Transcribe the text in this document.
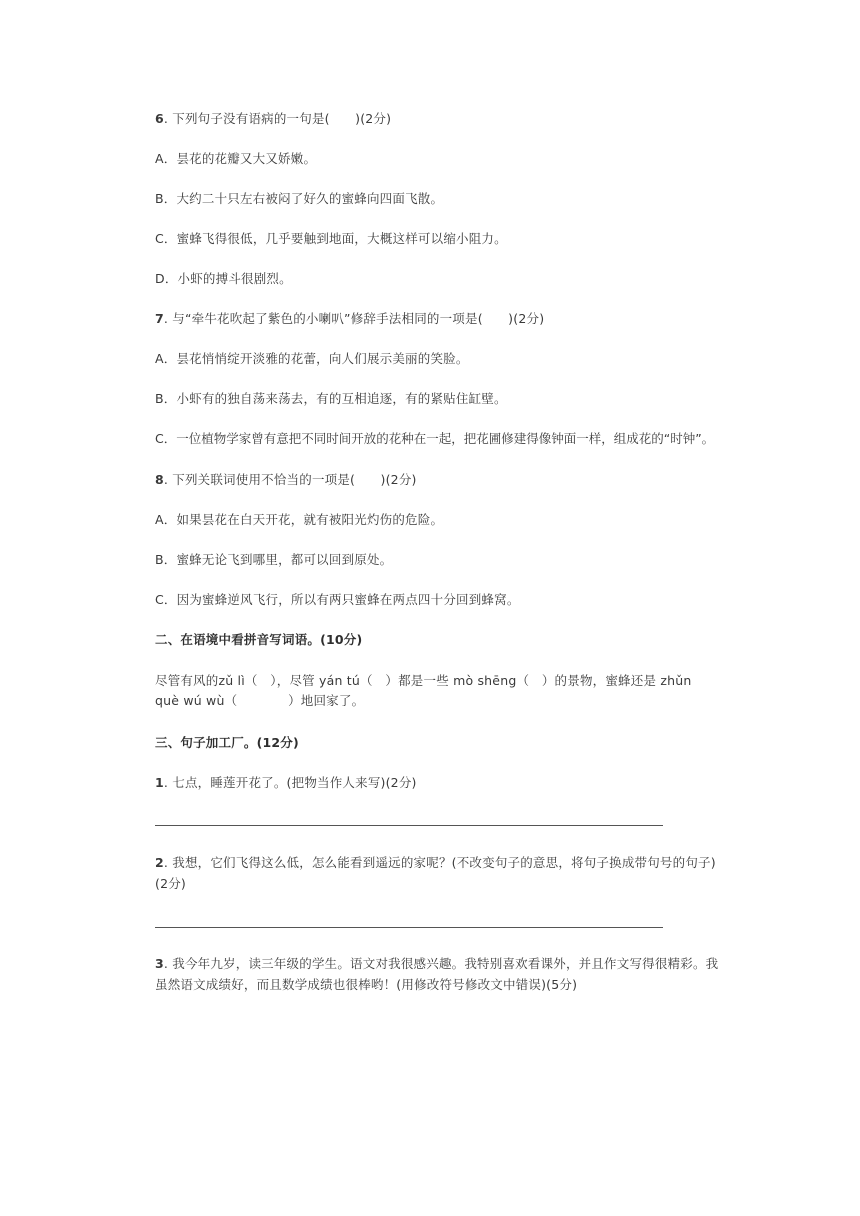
6. 下列句子没有语病的一句是(　　)(2分)
A．昙花的花瓣又大又娇嫩。
B．大约二十只左右被闷了好久的蜜蜂向四面飞散。
C．蜜蜂飞得很低，几乎要触到地面，大概这样可以缩小阻力。
D．小虾的搏斗很剧烈。
7. 与“牵牛花吹起了紫色的小喇叭”修辞手法相同的一项是(　　)(2分)
A．昙花悄悄绽开淡雅的花蕾，向人们展示美丽的笑脸。
B．小虾有的独自荡来荡去，有的互相追逐，有的紧贴住缸壁。
C．一位植物学家曾有意把不同时间开放的花种在一起，把花圃修建得像钟面一样，组成花的“时钟”。
8. 下列关联词使用不恰当的一项是(　　)(2分)
A．如果昙花在白天开花，就有被阳光灼伤的危险。
B．蜜蜂无论飞到哪里，都可以回到原处。
C．因为蜜蜂逆风飞行，所以有两只蜜蜂在两点四十分回到蜂窝。
二、在语境中看拼音写词语。(10分)
尽管有风的zǔ lì（　），尽管 yán tú（　）都是一些 mò shēng（　）的景物，蜜蜂还是 zhǔn
què wú wù（　　　　）地回家了。
三、句子加工厂。(12分)
1. 七点，睡莲开花了。(把物当作人来写)(2分)
2. 我想，它们飞得这么低，怎么能看到遥远的家呢？(不改变句子的意思，将句子换成带句号的句子)
(2分)
3. 我今年九岁，读三年级的学生。语文对我很感兴趣。我特别喜欢看课外，并且作文写得很精彩。我
虽然语文成绩好，而且数学成绩也很棒哟！(用修改符号修改文中错误)(5分)
